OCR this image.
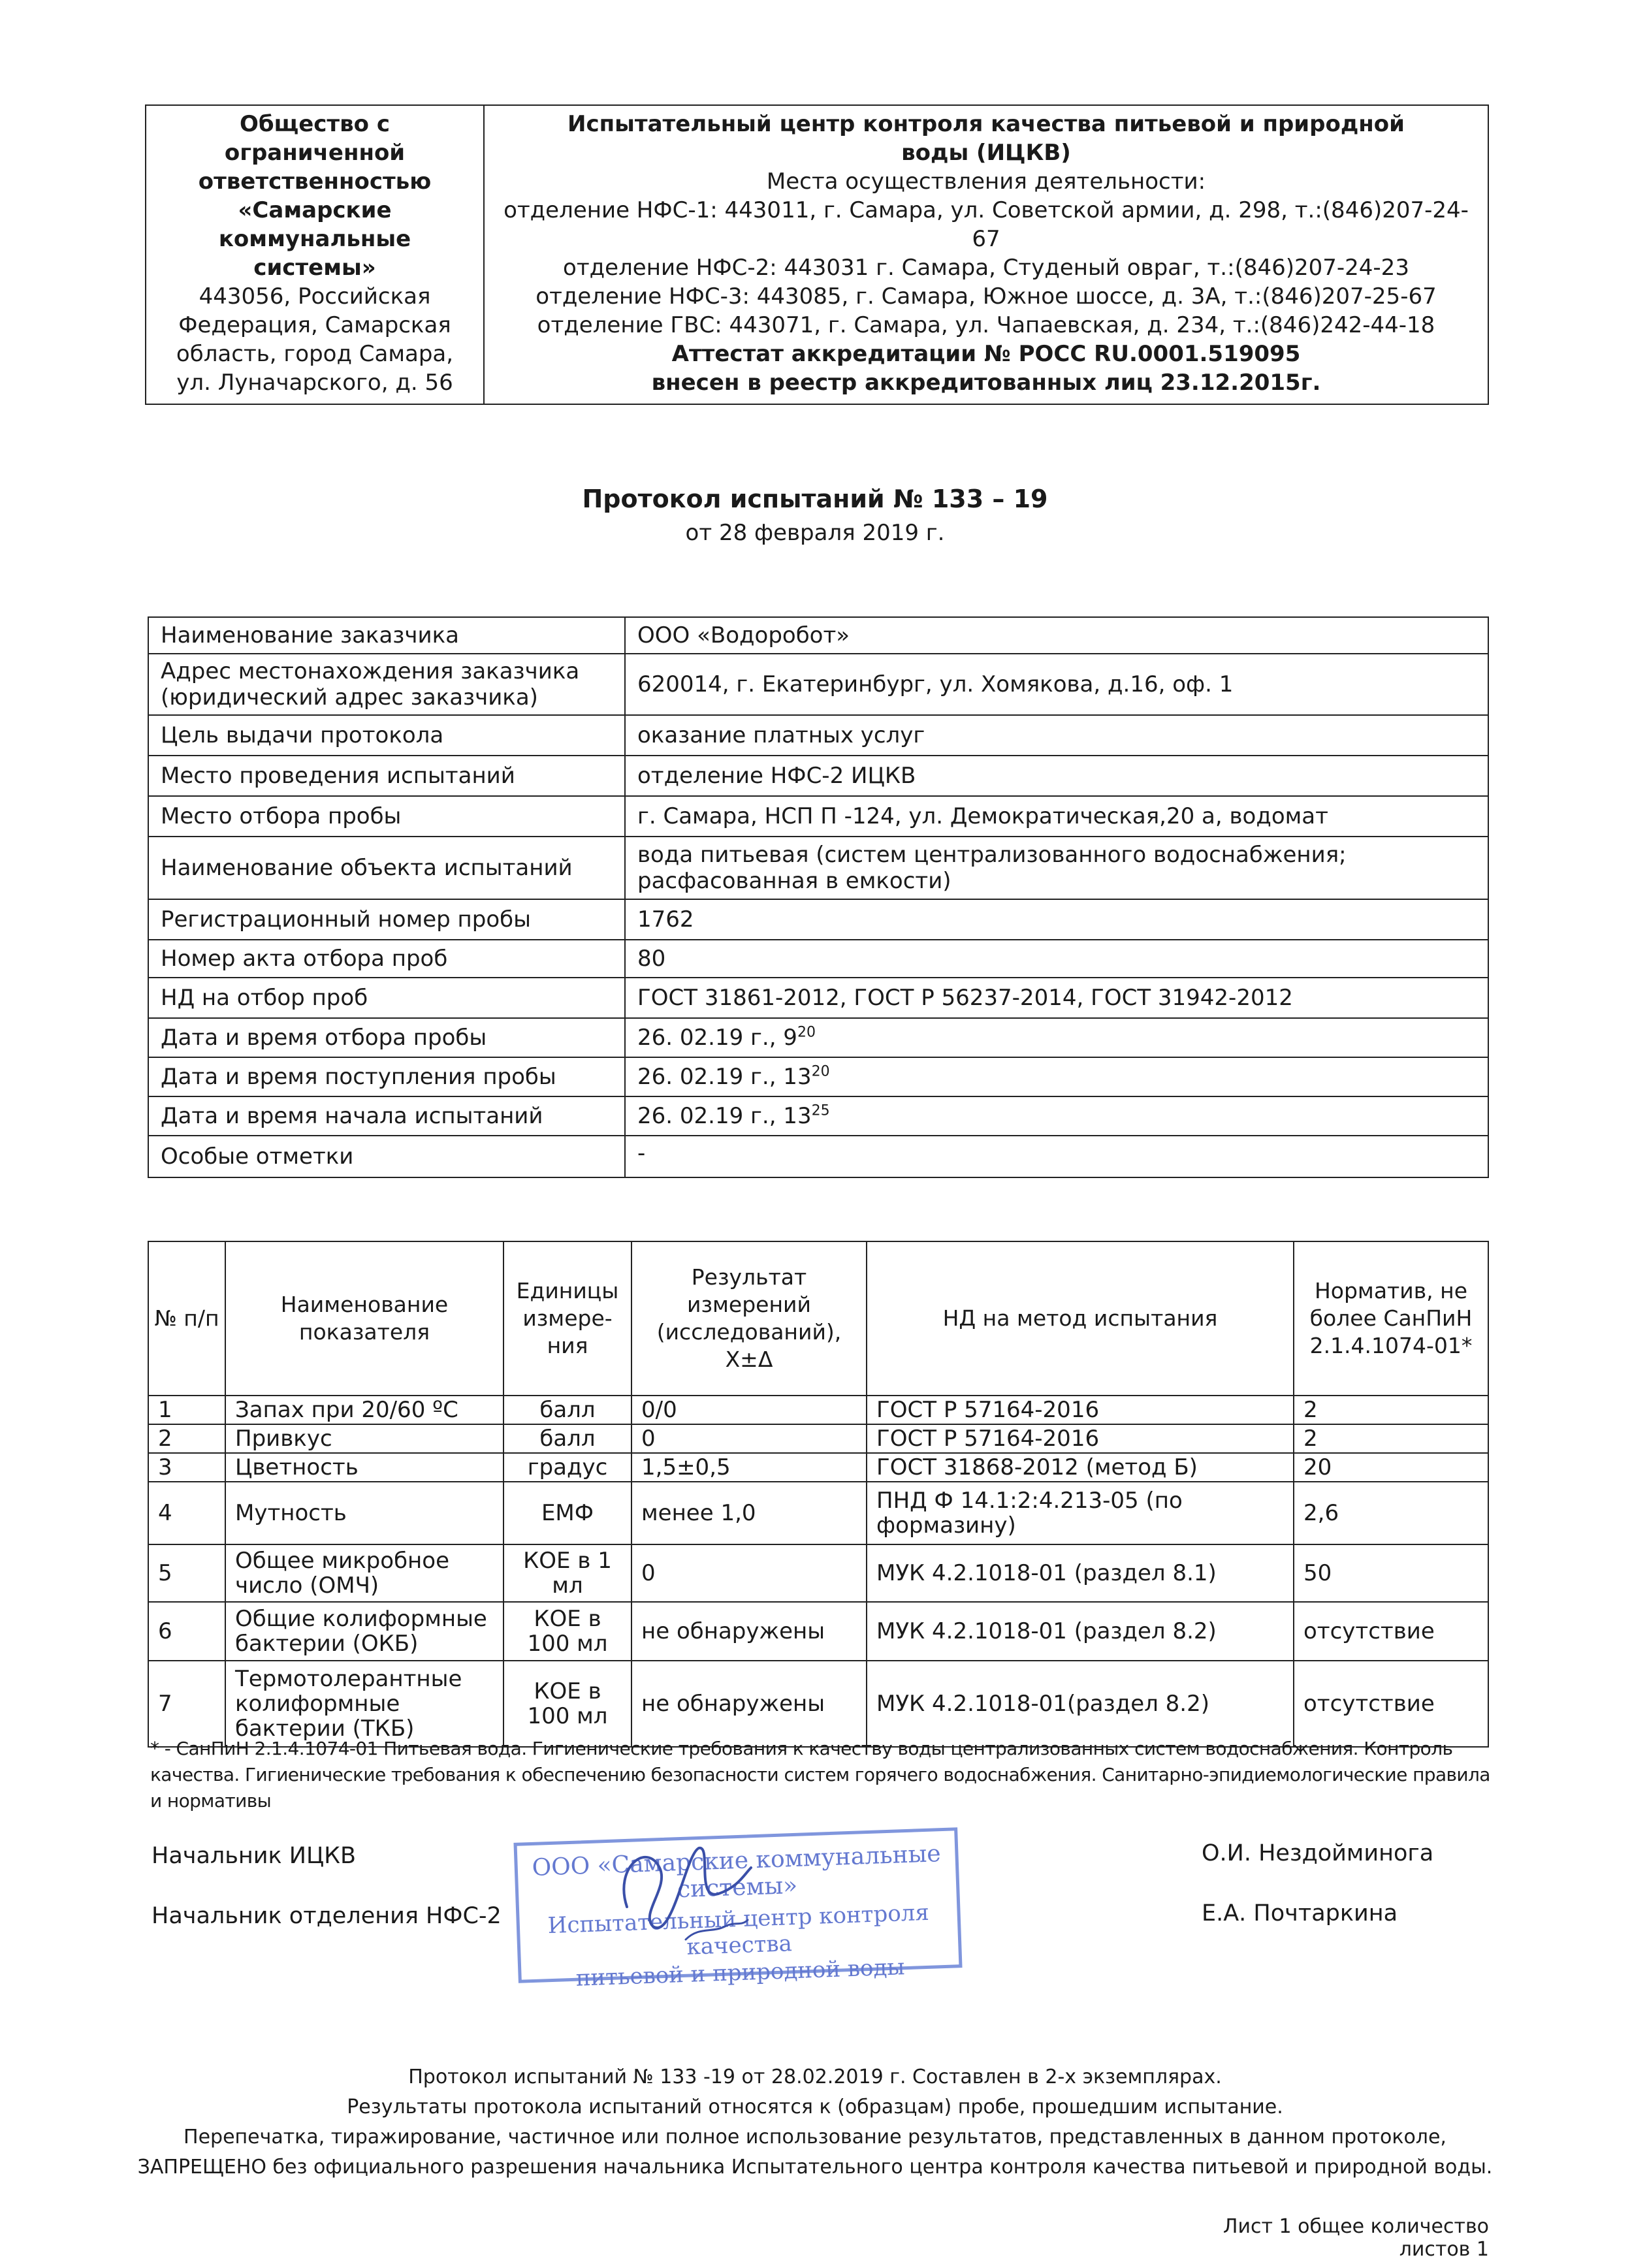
Общество с
ограниченной
ответственностью
«Самарские
коммунальные
системы»
443056, Российская
Федерация, Самарская
область, город Самара,
ул. Луначарского, д. 56

Испытательный центр контроля качества питьевой и природной
воды (ИЦКВ)
Места осуществления деятельности:
отделение НФС-1: 443011, г. Самара, ул. Советской армии, д. 298, т.:(846)207-24-67
отделение НФС-2: 443031 г. Самара, Студеный овраг, т.:(846)207-24-23
отделение НФС-3: 443085, г. Самара, Южное шоссе, д. 3А, т.:(846)207-25-67
отделение ГВС: 443071, г. Самара, ул. Чапаевская, д. 234, т.:(846)242-44-18
Аттестат аккредитации № РОСС RU.0001.519095
внесен в реестр аккредитованных лиц 23.12.2015г.
Протокол испытаний № 133 – 19
от 28 февраля 2019 г.
Наименование заказчика	ООО «Водоробот»
Адрес местонахождения заказчика (юридический адрес заказчика)	620014, г. Екатеринбург, ул. Хомякова, д.16, оф. 1
Цель выдачи протокола	оказание платных услуг
Место проведения испытаний	отделение НФС-2 ИЦКВ
Место отбора пробы	г. Самара, НСП П -124, ул. Демократическая,20 а, водомат
Наименование объекта испытаний	вода питьевая (систем централизованного водоснабжения; расфасованная в емкости)
Регистрационный номер пробы	1762
Номер акта отбора проб	80
НД на отбор проб	ГОСТ 31861-2012, ГОСТ Р 56237-2014, ГОСТ 31942-2012
Дата и время отбора пробы	26. 02.19 г., $9^{20}$
Дата и время поступления пробы	26. 02.19 г., $13^{20}$
Дата и время начала испытаний	26. 02.19 г., $13^{25}$
Особые отметки	-
№ п/п	Наименование показателя	Единицы измере-ния	Результат измерений (исследований), Х±Δ	НД на метод испытания	Норматив, не более СанПиН 2.1.4.1074-01*
1	Запах при 20/60 ºС	балл	0/0	ГОСТ Р 57164-2016	2
2	Привкус	балл	0	ГОСТ Р 57164-2016	2
3	Цветность	градус	1,5±0,5	ГОСТ 31868-2012 (метод Б)	20
4	Мутность	ЕМФ	менее 1,0	ПНД Ф 14.1:2:4.213-05 (по формазину)	2,6
5	Общее микробное число (ОМЧ)	КОЕ в 1 мл	0	МУК 4.2.1018-01 (раздел 8.1)	50
6	Общие колиформные бактерии (ОКБ)	КОЕ в 100 мл	не обнаружены	МУК 4.2.1018-01 (раздел 8.2)	отсутствие
7	Термотолерантные колиформные бактерии (ТКБ)	КОЕ в 100 мл	не обнаружены	МУК 4.2.1018-01(раздел 8.2)	отсутствие
* - СанПиН 2.1.4.1074-01 Питьевая вода. Гигиенические требования к качеству воды централизованных систем водоснабжения. Контроль качества. Гигиенические требования к обеспечению безопасности систем горячего водоснабжения. Санитарно-эпидиемологические правила и нормативы
Начальник ИЦКВ	О.И. Нездойминога
Начальник отделения НФС-2	Е.А. Почтаркина
ООО «Самарские коммунальные системы»
Испытательный центр контроля качества
питьевой и природной воды
Протокол испытаний № 133 -19 от 28.02.2019 г. Составлен в 2-х экземплярах.
Результаты протокола испытаний относятся к (образцам) пробе, прошедшим испытание.
Перепечатка, тиражирование, частичное или полное использование результатов, представленных в данном протоколе,
ЗАПРЕЩЕНО без официального разрешения начальника Испытательного центра контроля качества питьевой и природной воды.
Лист 1 общее количество листов 1
